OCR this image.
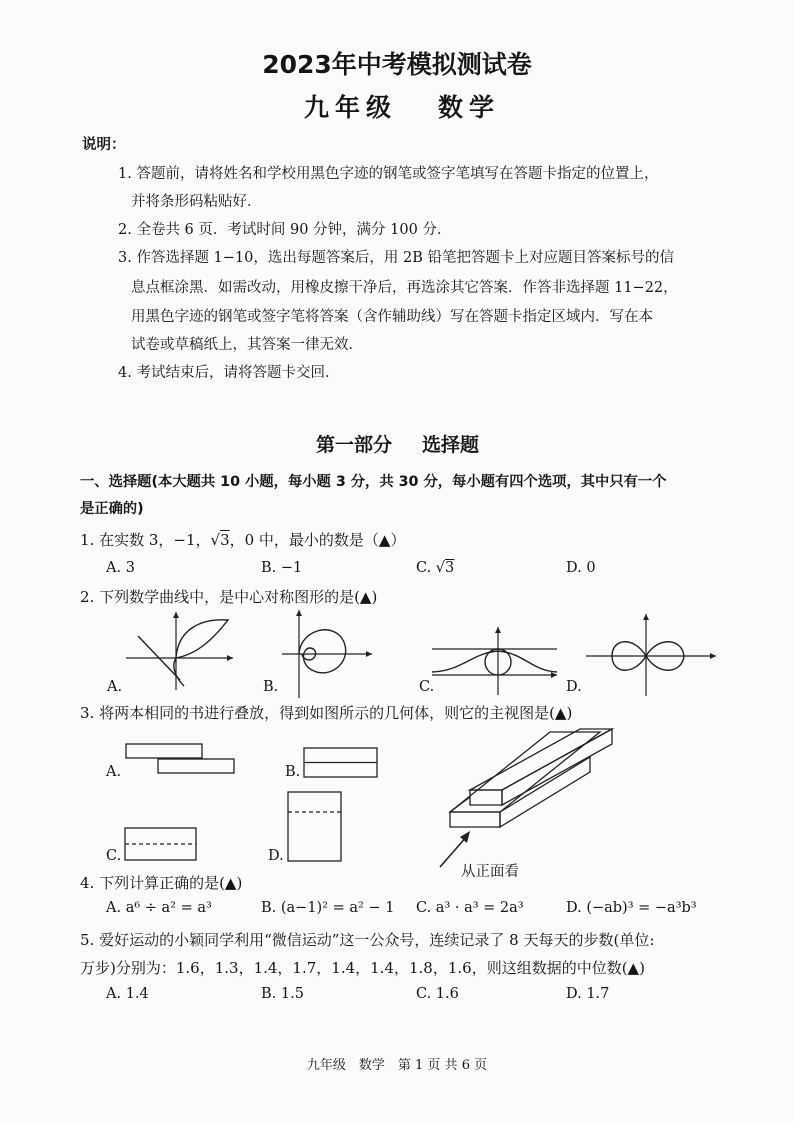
2023年中考模拟测试卷
九年级 数学
说明：
1. 答题前，请将姓名和学校用黑色字迹的钢笔或签字笔填写在答题卡指定的位置上，
并将条形码粘贴好．
2. 全卷共 6 页．考试时间 90 分钟，满分 100 分．
3. 作答选择题 1−10，选出每题答案后，用 2B 铅笔把答题卡上对应题目答案标号的信
息点框涂黑．如需改动，用橡皮擦干净后，再选涂其它答案．作答非选择题 11−22，
用黑色字迹的钢笔或签字笔将答案（含作辅助线）写在答题卡指定区域内．写在本
试卷或草稿纸上，其答案一律无效．
4. 考试结束后，请将答题卡交回．
第一部分 选择题
一、选择题(本大题共 10 小题，每小题 3 分，共 30 分，每小题有四个选项，其中只有一个
是正确的)
1. 在实数 3，−1，√3，0 中，最小的数是（▲）
A. 3	B. −1	C. √3	D. 0
2. 下列数学曲线中，是中心对称图形的是(▲)
A.	B.	C.	D.
3. 将两本相同的书进行叠放，得到如图所示的几何体，则它的主视图是(▲)
A.	B.
C.	D.
从正面看
4. 下列计算正确的是(▲)
A. a⁶ ÷ a² = a³	B. (a−1)² = a² − 1 C. a³ · a³ = 2a³	D. (−ab)³ = −a³b³
5. 爱好运动的小颖同学利用“微信运动”这一公众号，连续记录了 8 天每天的步数(单位:
万步)分别为：1.6，1.3，1.4，1.7，1.4，1.4，1.8，1.6，则这组数据的中位数(▲)
A. 1.4	B. 1.5	C. 1.6	D. 1.7
九年级　数学　第 1 页 共 6 页
